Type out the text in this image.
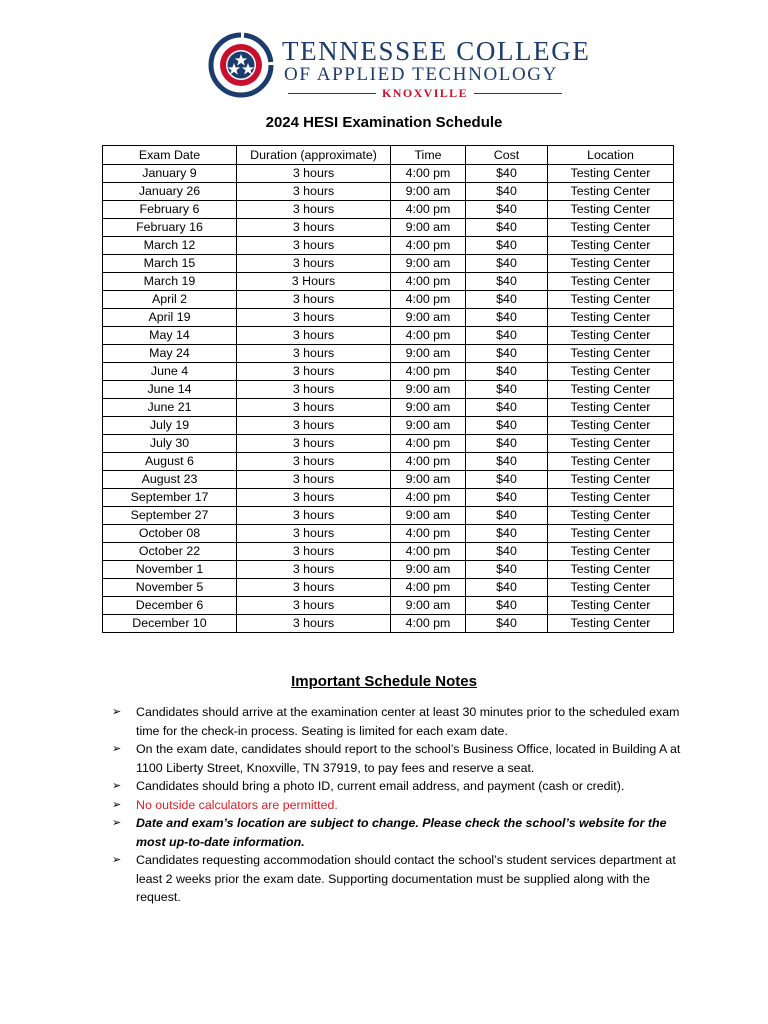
TENNESSEE COLLEGE
OF APPLIED TECHNOLOGY
KNOXVILLE
2024 HESI Examination Schedule
Exam Date	Duration (approximate)	Time	Cost	Location
January 9	3 hours	4:00 pm	$40	Testing Center
January 26	3 hours	9:00 am	$40	Testing Center
February 6	3 hours	4:00 pm	$40	Testing Center
February 16	3 hours	9:00 am	$40	Testing Center
March 12	3 hours	4:00 pm	$40	Testing Center
March 15	3 hours	9:00 am	$40	Testing Center
March 19	3 Hours	4:00 pm	$40	Testing Center
April 2	3 hours	4:00 pm	$40	Testing Center
April 19	3 hours	9:00 am	$40	Testing Center
May 14	3 hours	4:00 pm	$40	Testing Center
May 24	3 hours	9:00 am	$40	Testing Center
June 4	3 hours	4:00 pm	$40	Testing Center
June 14	3 hours	9:00 am	$40	Testing Center
June 21	3 hours	9:00 am	$40	Testing Center
July 19	3 hours	9:00 am	$40	Testing Center
July 30	3 hours	4:00 pm	$40	Testing Center
August 6	3 hours	4:00 pm	$40	Testing Center
August 23	3 hours	9:00 am	$40	Testing Center
September 17	3 hours	4:00 pm	$40	Testing Center
September 27	3 hours	9:00 am	$40	Testing Center
October 08	3 hours	4:00 pm	$40	Testing Center
October 22	3 hours	4:00 pm	$40	Testing Center
November 1	3 hours	9:00 am	$40	Testing Center
November 5	3 hours	4:00 pm	$40	Testing Center
December 6	3 hours	9:00 am	$40	Testing Center
December 10	3 hours	4:00 pm	$40	Testing Center
Important Schedule Notes
➢ Candidates should arrive at the examination center at least 30 minutes prior to the scheduled exam time for the check-in process. Seating is limited for each exam date.
➢ On the exam date, candidates should report to the school’s Business Office, located in Building A at 1100 Liberty Street, Knoxville, TN 37919, to pay fees and reserve a seat.
➢ Candidates should bring a photo ID, current email address, and payment (cash or credit).
➢ No outside calculators are permitted.
➢ Date and exam’s location are subject to change. Please check the school’s website for the most up-to-date information.
➢ Candidates requesting accommodation should contact the school’s student services department at least 2 weeks prior the exam date. Supporting documentation must be supplied along with the request.
